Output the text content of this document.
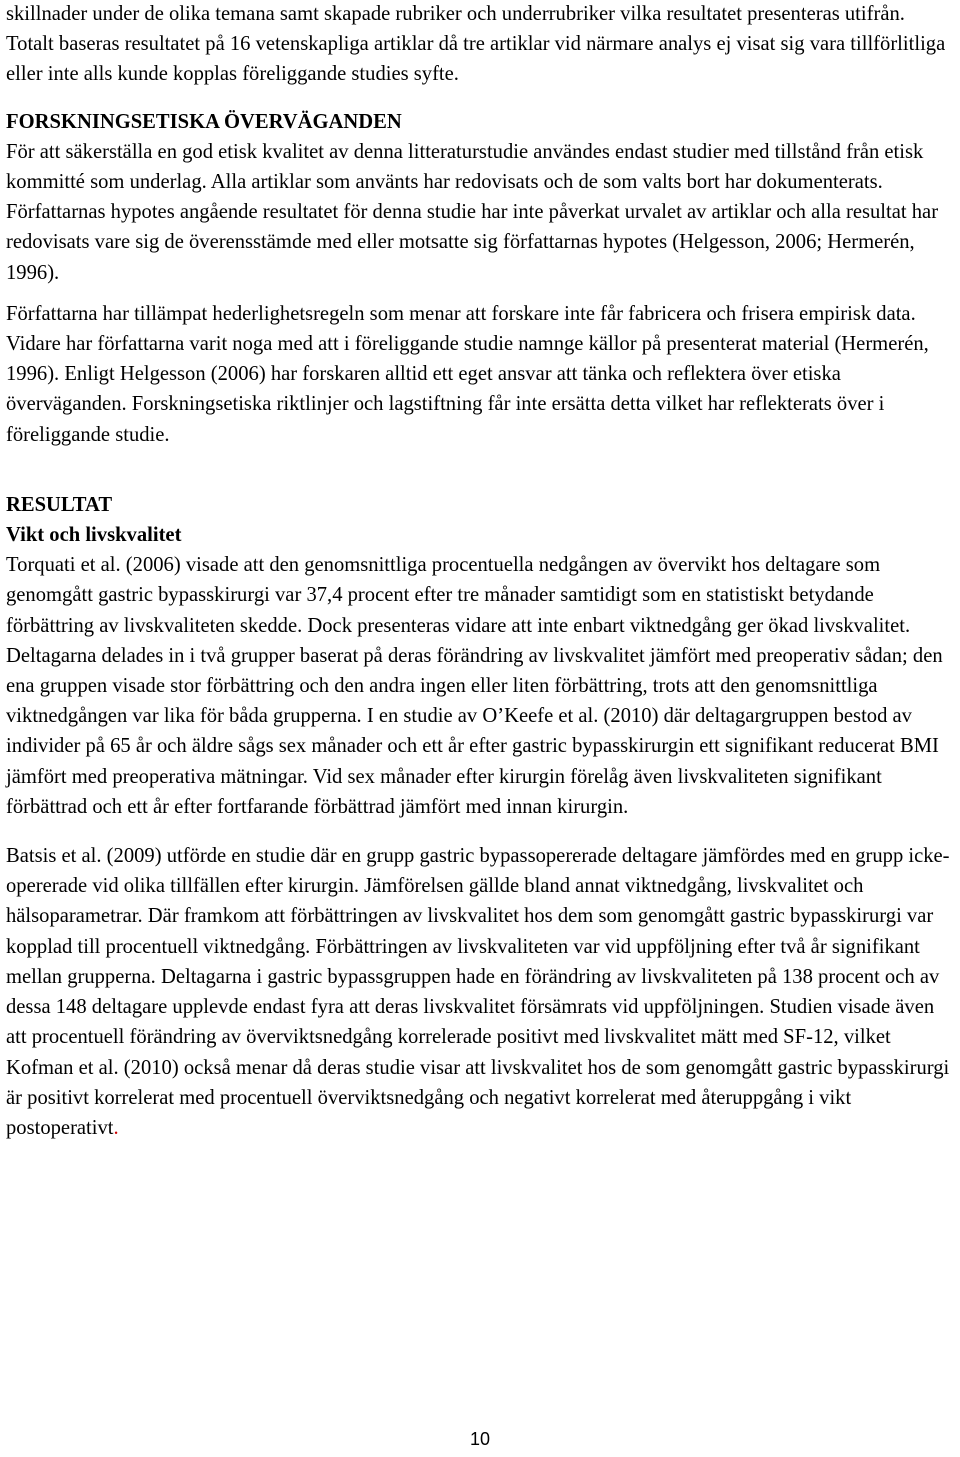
skillnader under de olika temana samt skapade rubriker och underrubriker vilka resultatet presenteras utifrån. Totalt baseras resultatet på 16 vetenskapliga artiklar då tre artiklar vid närmare analys ej visat sig vara tillförlitliga eller inte alls kunde kopplas föreliggande studies syfte.

FORSKNINGSETISKA ÖVERVÄGANDEN

För att säkerställa en god etisk kvalitet av denna litteraturstudie användes endast studier med tillstånd från etisk kommitté som underlag. Alla artiklar som använts har redovisats och de som valts bort har dokumenterats. Författarnas hypotes angående resultatet för denna studie har inte påverkat urvalet av artiklar och alla resultat har redovisats vare sig de överensstämde med eller motsatte sig författarnas hypotes (Helgesson, 2006; Hermerén, 1996).

Författarna har tillämpat hederlighetsregeln som menar att forskare inte får fabricera och frisera empirisk data. Vidare har författarna varit noga med att i föreliggande studie namnge källor på presenterat material (Hermerén, 1996). Enligt Helgesson (2006) har forskaren alltid ett eget ansvar att tänka och reflektera över etiska överväganden. Forskningsetiska riktlinjer och lagstiftning får inte ersätta detta vilket har reflekterats över i föreliggande studie.

RESULTAT
Vikt och livskvalitet

Torquati et al. (2006) visade att den genomsnittliga procentuella nedgången av övervikt hos deltagare som genomgått gastric bypasskirurgi var 37,4 procent efter tre månader samtidigt som en statistiskt betydande förbättring av livskvaliteten skedde. Dock presenteras vidare att inte enbart viktnedgång ger ökad livskvalitet. Deltagarna delades in i två grupper baserat på deras förändring av livskvalitet jämfört med preoperativ sådan; den ena gruppen visade stor förbättring och den andra ingen eller liten förbättring, trots att den genomsnittliga viktnedgången var lika för båda grupperna. I en studie av O’Keefe et al. (2010) där deltagargruppen bestod av individer på 65 år och äldre sågs sex månader och ett år efter gastric bypasskirurgin ett signifikant reducerat BMI jämfört med preoperativa mätningar. Vid sex månader efter kirurgin förelåg även livskvaliteten signifikant förbättrad och ett år efter fortfarande förbättrad jämfört med innan kirurgin.

Batsis et al. (2009) utförde en studie där en grupp gastric bypassopererade deltagare jämfördes med en grupp icke-opererade vid olika tillfällen efter kirurgin. Jämförelsen gällde bland annat viktnedgång, livskvalitet och hälsoparametrar. Där framkom att förbättringen av livskvalitet hos dem som genomgått gastric bypasskirurgi var kopplad till procentuell viktnedgång. Förbättringen av livskvaliteten var vid uppföljning efter två år signifikant mellan grupperna. Deltagarna i gastric bypassgruppen hade en förändring av livskvaliteten på 138 procent och av dessa 148 deltagare upplevde endast fyra att deras livskvalitet försämrats vid uppföljningen. Studien visade även att procentuell förändring av överviktsnedgång korrelerade positivt med livskvalitet mätt med SF-12, vilket Kofman et al. (2010) också menar då deras studie visar att livskvalitet hos de som genomgått gastric bypasskirurgi är positivt korrelerat med procentuell överviktsnedgång och negativt korrelerat med återuppgång i vikt postoperativt.

10
